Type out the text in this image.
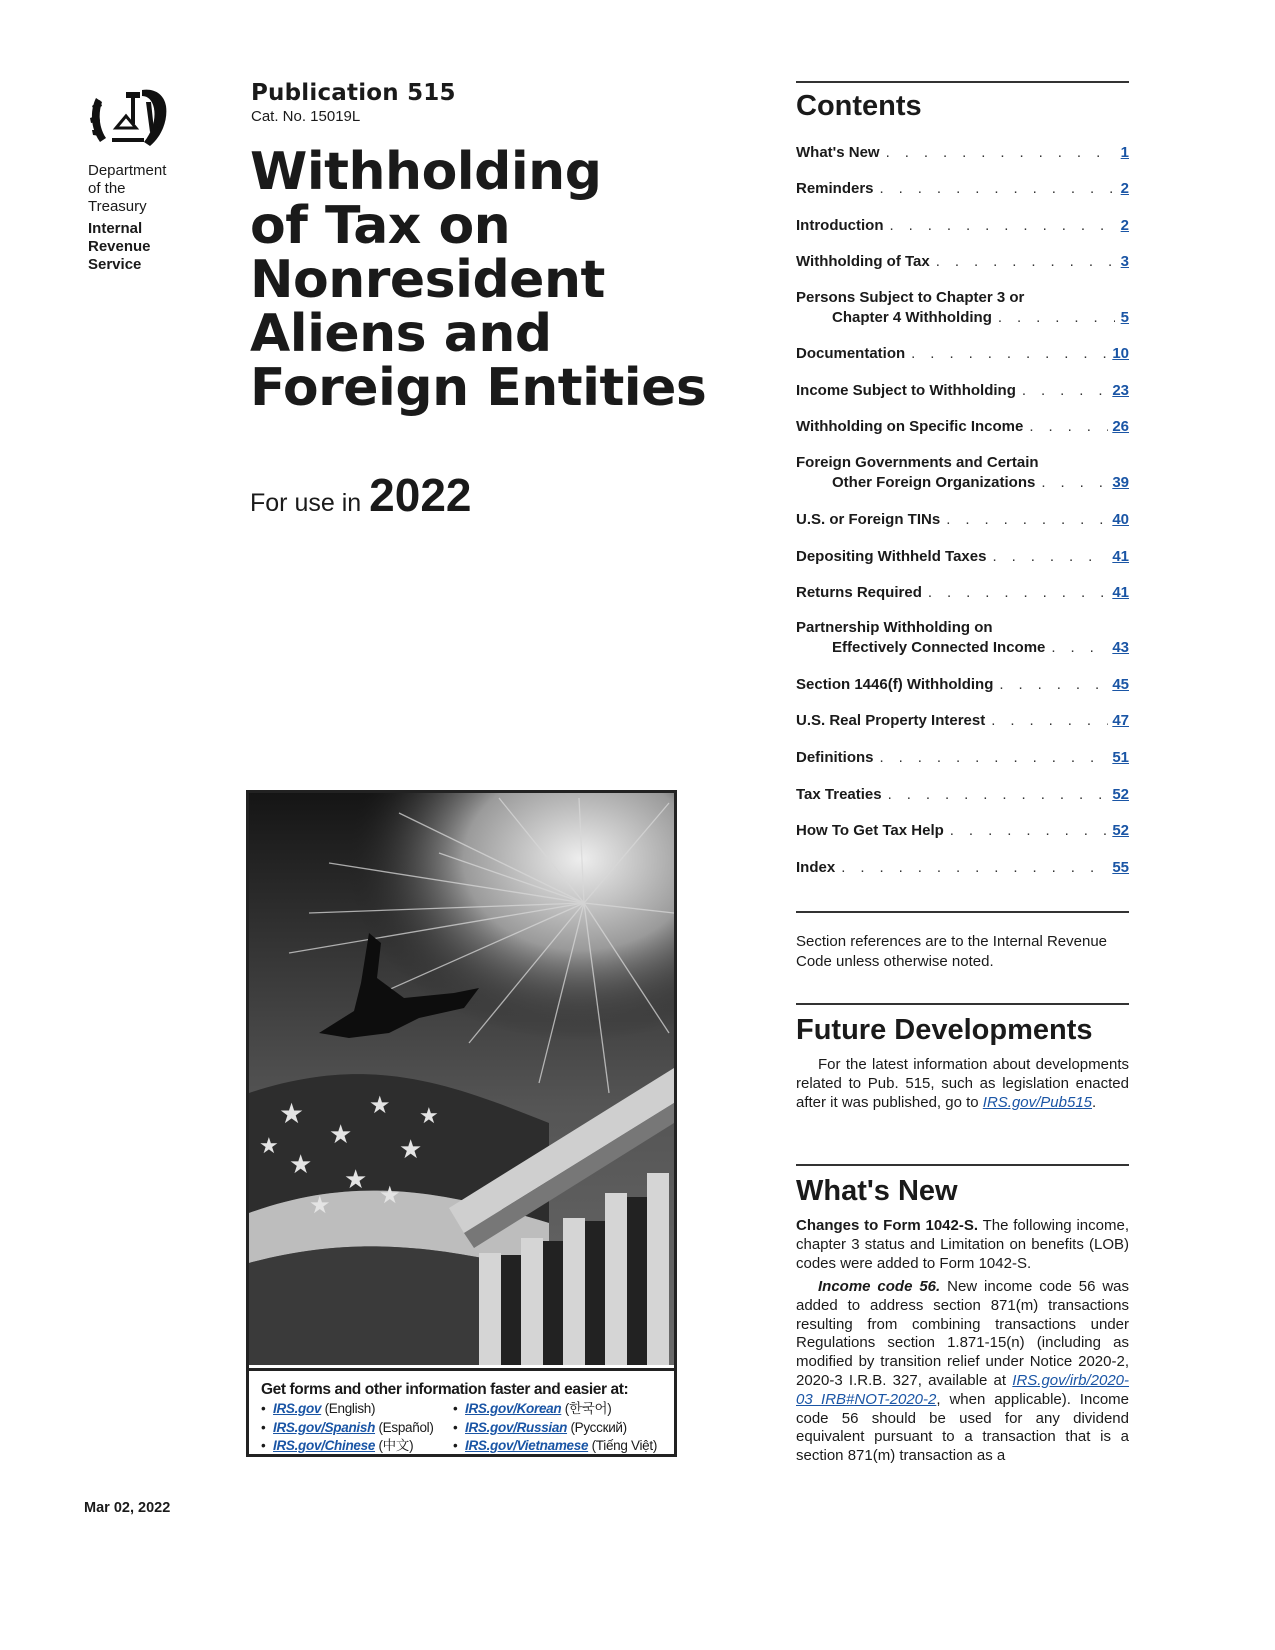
Department
of the
Treasury
Internal
Revenue
Service
Publication 515
Cat. No. 15019L
Withholding
of Tax on
Nonresident
Aliens and
Foreign Entities
For use in 2022
★
★
★
★
★ ★
★
★
★
★
Get forms and other information faster and easier at:
• IRS.gov (English)
• IRS.gov/Spanish (Español)
• IRS.gov/Chinese (中文)
• IRS.gov/Korean (한국어)
• IRS.gov/Russian (Русский)
• IRS.gov/Vietnamese (Tiếng Việt)
Mar 02, 2022
Contents
What's New . . .	1
Reminders . . .	2
Introduction . . .	2
Withholding of Tax . . .	3
Persons Subject to Chapter 3 or
Chapter 4 Withholding . . .	5
Documentation . . .	10
Income Subject to Withholding . . .	23
Withholding on Specific Income . . .	26
Foreign Governments and Certain
Other Foreign Organizations . . .	39
U.S. or Foreign TINs . . .	40
Depositing Withheld Taxes . . .	41
Returns Required . . .	41
Partnership Withholding on
Effectively Connected Income . . .	43
Section 1446(f) Withholding . . .	45
U.S. Real Property Interest . . .	47
Definitions . . .	51
Tax Treaties . . .	52
How To Get Tax Help . . .	52
Index . . .	55
Section references are to the Internal Revenue Code unless otherwise noted.
Future Developments
For the latest information about developments related to Pub. 515, such as legislation enacted after it was published, go to IRS.gov/Pub515.
What's New
Changes to Form 1042-S. The following income, chapter 3 status and Limitation on benefits (LOB) codes were added to Form 1042-S.
Income code 56. New income code 56 was added to address section 871(m) transactions resulting from combining transactions under Regulations section 1.871-15(n) (including as modified by transition relief under Notice 2020-2, 2020-3 I.R.B. 327, available at IRS.gov/irb/2020-03_IRB#NOT-2020-2, when applicable). Income code 56 should be used for any dividend equivalent pursuant to a transaction that is a section 871(m) transaction as a
